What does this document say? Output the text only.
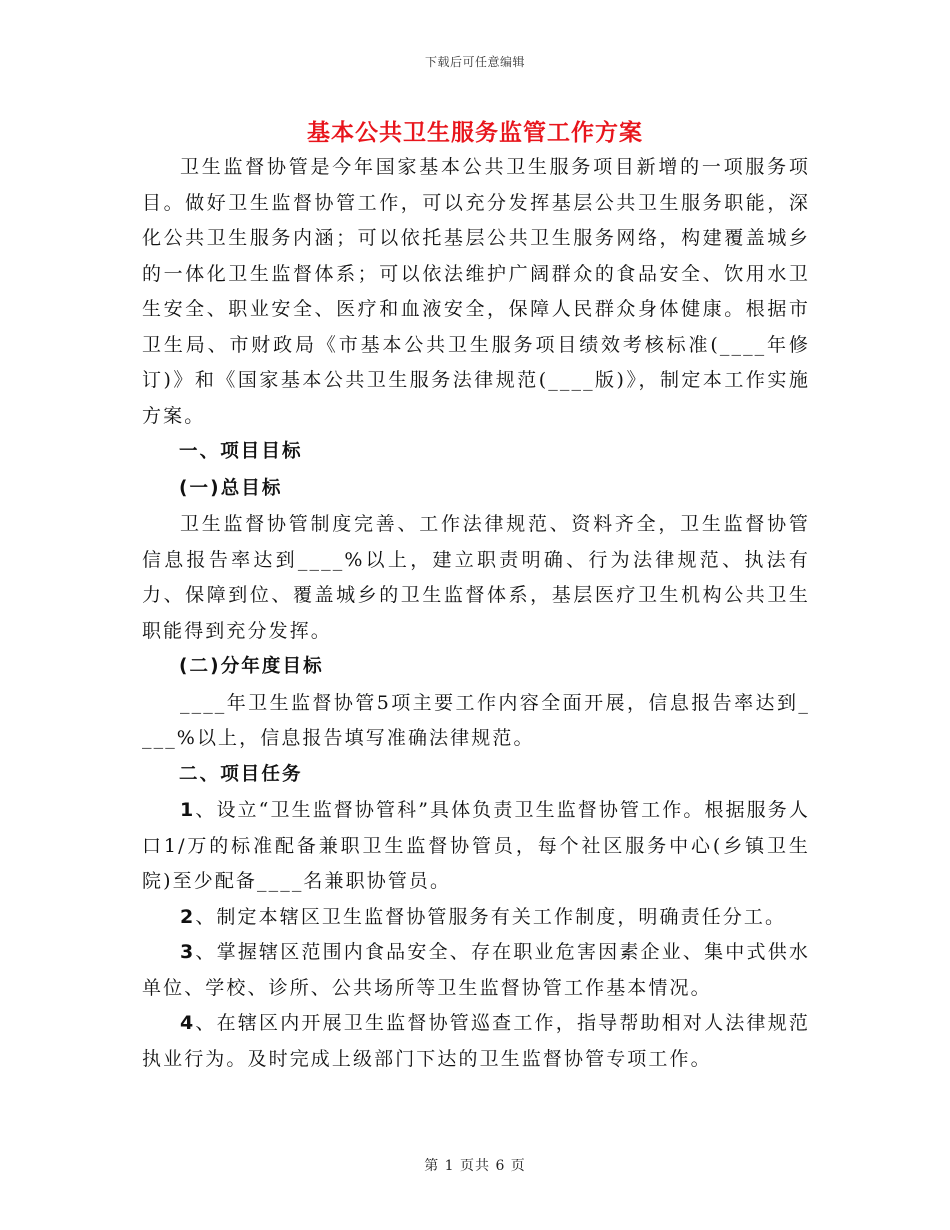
下载后可任意编辑
基本公共卫生服务监管工作方案

卫生监督协管是今年国家基本公共卫生服务项目新增的一项服务项目。做好卫生监督协管工作，可以充分发挥基层公共卫生服务职能，深化公共卫生服务内涵；可以依托基层公共卫生服务网络，构建覆盖城乡的一体化卫生监督体系；可以依法维护广阔群众的食品安全、饮用水卫生安全、职业安全、医疗和血液安全，保障人民群众身体健康。根据市卫生局、市财政局《市基本公共卫生服务项目绩效考核标准(____年修订)》和《国家基本公共卫生服务法律规范(____版)》，制定本工作实施方案。

一、项目目标

(一)总目标

卫生监督协管制度完善、工作法律规范、资料齐全，卫生监督协管信息报告率达到____%以上，建立职责明确、行为法律规范、执法有力、保障到位、覆盖城乡的卫生监督体系，基层医疗卫生机构公共卫生职能得到充分发挥。

(二)分年度目标

____年卫生监督协管5项主要工作内容全面开展，信息报告率达到____%以上，信息报告填写准确法律规范。

二、项目任务

1、设立“卫生监督协管科”具体负责卫生监督协管工作。根据服务人口1/万的标准配备兼职卫生监督协管员，每个社区服务中心(乡镇卫生院)至少配备____名兼职协管员。

2、制定本辖区卫生监督协管服务有关工作制度，明确责任分工。

3、掌握辖区范围内食品安全、存在职业危害因素企业、集中式供水单位、学校、诊所、公共场所等卫生监督协管工作基本情况。

4、在辖区内开展卫生监督协管巡查工作，指导帮助相对人法律规范执业行为。及时完成上级部门下达的卫生监督协管专项工作。

第 1 页共 6 页
